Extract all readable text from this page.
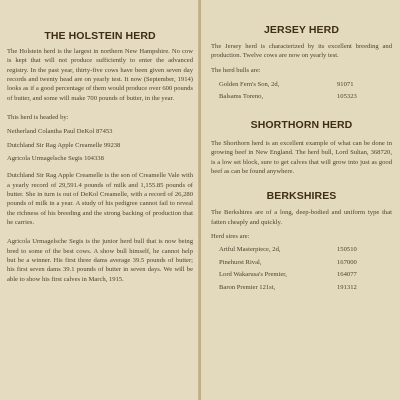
THE HOLSTEIN HERD

The Holstein herd is the largest in northern New Hampshire. No cow is kept that will not produce sufficiently to enter the advanced registry. In the past year, thirty-five cows have been given seven day records and twenty head are on yearly test. It now (September, 1914) looks as if a good percentage of them would produce over 600 pounds of butter, and some will make 700 pounds of butter, in the year.

This herd is headed by:

Netherland Colantha Paul DeKol 87453

Dutchland Sir Rag Apple Creamelle 99238

Agricola Urmagelsche Segis 104338

Dutchland Sir Rag Apple Creamelle is the son of Creamelle Vale with a yearly record of 29,591.4 pounds of milk and 1,155.85 pounds of butter. She in turn is out of DeKol Creamelle, with a record of 26,280 pounds of milk in a year. A study of his pedigree cannot fail to reveal the richness of his breeding and the strong backing of production that he carries.

Agricola Urmagelsche Segis is the junior herd bull that is now being bred to some of the best cows. A show bull himself, he cannot help but be a winner. His first three dams average 39.5 pounds of butter; his first seven dams 39.1 pounds of butter in seven days. We will be able to show his first calves in March, 1915.

JERSEY HERD

The Jersey herd is characterized by its excellent breeding and production. Twelve cows are now on yearly test.

The herd bulls are:

Golden Fern's Son, 2d,	91071
Balsams Toreno,	105323
SHORTHORN HERD

The Shorthorn herd is an excellent example of what can be done in growing beef in New England. The herd bull, Lord Sultan, 368720, is a low set block, sure to get calves that will grow into just as good beef as can be found anywhere.

BERKSHIRES

The Berkshires are of a long, deep-bodied and uniform type that fatten cheaply and quickly.

Herd sires are:

Artful Masterpiece, 2d,	150510
Pinehurst Rival,	167000
Lord Wakarusa's Premier,	164077
Baron Premier 121st,	191312
